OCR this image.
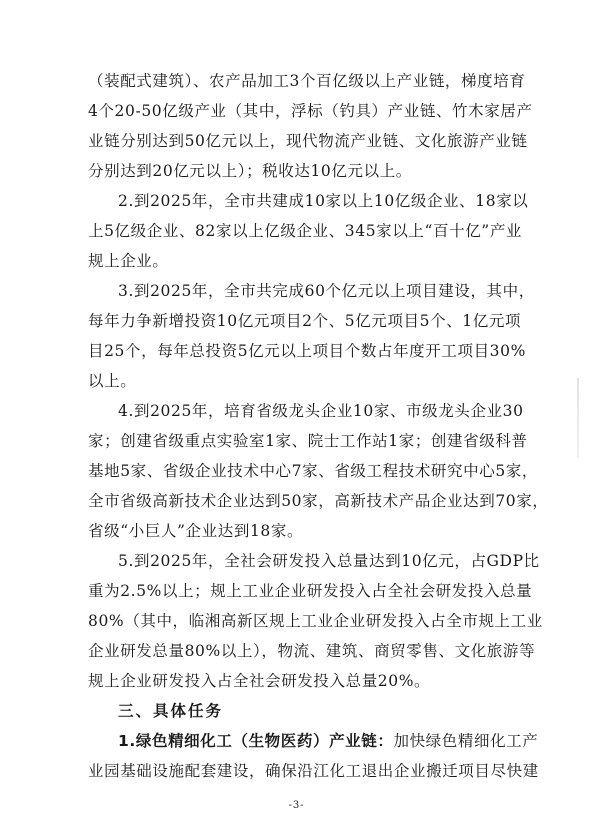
（装配式建筑）、农产品加工3个百亿级以上产业链，梯度培育
4个20-50亿级产业（其中，浮标（钓具）产业链、竹木家居产
业链分别达到50亿元以上，现代物流产业链、文化旅游产业链
分别达到20亿元以上）；税收达10亿元以上。
2.到2025年，全市共建成10家以上10亿级企业、18家以
上5亿级企业、82家以上亿级企业、345家以上“百十亿”产业
规上企业。
3.到2025年，全市共完成60个亿元以上项目建设，其中，
每年力争新增投资10亿元项目2个、5亿元项目5个、1亿元项
目25个，每年总投资5亿元以上项目个数占年度开工项目30%
以上。
4.到2025年，培育省级龙头企业10家、市级龙头企业30
家；创建省级重点实验室1家、院士工作站1家；创建省级科普
基地5家、省级企业技术中心7家、省级工程技术研究中心5家，
全市省级高新技术企业达到50家，高新技术产品企业达到70家，
省级“小巨人”企业达到18家。
5.到2025年，全社会研发投入总量达到10亿元，占GDP比
重为2.5%以上；规上工业企业研发投入占全社会研发投入总量
80%（其中，临湘高新区规上工业企业研发投入占全市规上工业
企业研发总量80%以上），物流、建筑、商贸零售、文化旅游等
规上企业研发投入占全社会研发投入总量20%。
三、具体任务
1.绿色精细化工（生物医药）产业链：加快绿色精细化工产
业园基础设施配套建设，确保沿江化工退出企业搬迁项目尽快建
-3-
